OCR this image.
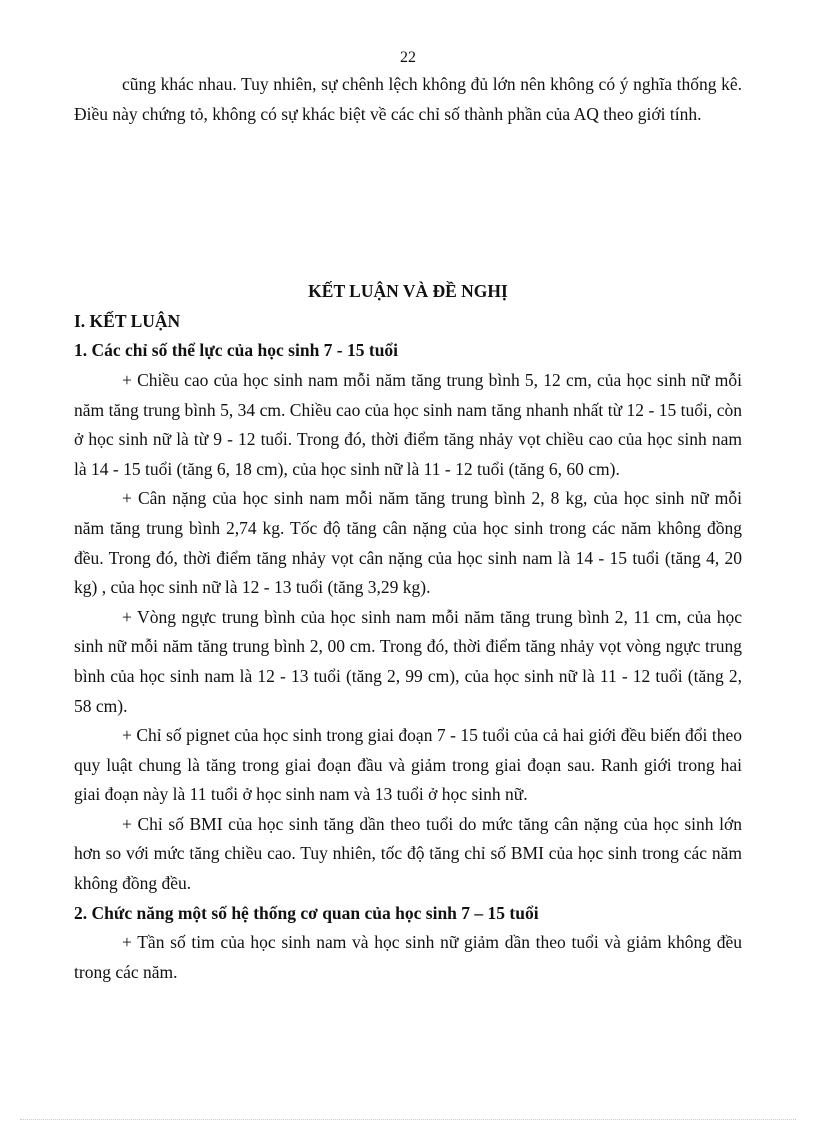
22

cũng khác nhau. Tuy nhiên, sự chênh lệch không đủ lớn nên không có ý nghĩa thống kê. Điều này chứng tỏ, không có sự khác biệt về các chỉ số thành phần của AQ theo giới tính.

KẾT LUẬN VÀ ĐỀ NGHỊ

I. KẾT LUẬN

1. Các chỉ số thể lực của học sinh 7 - 15 tuổi

+ Chiều cao của học sinh nam mỗi năm tăng trung bình 5, 12 cm, của học sinh nữ mỗi năm tăng trung bình 5, 34 cm. Chiều cao của học sinh nam tăng nhanh nhất từ 12 - 15 tuổi, còn ở học sinh nữ là từ 9 - 12 tuổi. Trong đó, thời điểm tăng nhảy vọt chiều cao của học sinh nam là 14 - 15 tuổi (tăng 6, 18 cm), của học sinh nữ là 11 - 12 tuổi (tăng 6, 60 cm).

+ Cân nặng của học sinh nam mỗi năm tăng trung bình 2, 8 kg, của học sinh nữ mỗi năm tăng trung bình 2,74 kg. Tốc độ tăng cân nặng của học sinh trong các năm không đồng đều. Trong đó, thời điểm tăng nhảy vọt cân nặng của học sinh nam là 14 - 15 tuổi (tăng 4, 20 kg) , của học sinh nữ là 12 - 13 tuổi (tăng 3,29 kg).

+ Vòng ngực trung bình của học sinh nam mỗi năm tăng trung bình 2, 11 cm, của học sinh nữ mỗi năm tăng trung bình 2, 00 cm. Trong đó, thời điểm tăng nhảy vọt vòng ngực trung bình của học sinh nam là 12 - 13 tuổi (tăng 2, 99 cm), của học sinh nữ là 11 - 12 tuổi (tăng 2, 58 cm).

+ Chỉ số pignet của học sinh trong giai đoạn 7 - 15 tuổi của cả hai giới đều biến đổi theo quy luật chung là tăng trong giai đoạn đầu và giảm trong giai đoạn sau. Ranh giới trong hai giai đoạn này là 11 tuổi ở học sinh nam và 13 tuổi ở học sinh nữ.

+ Chỉ số BMI của học sinh tăng dần theo tuổi do mức tăng cân nặng của học sinh lớn hơn so với mức tăng chiều cao. Tuy nhiên, tốc độ tăng chỉ số BMI của học sinh trong các năm không đồng đều.

2. Chức năng một số hệ thống cơ quan của học sinh 7 – 15 tuổi

+ Tần số tim của học sinh nam và học sinh nữ giảm dần theo tuổi và giảm không đều trong các năm.
